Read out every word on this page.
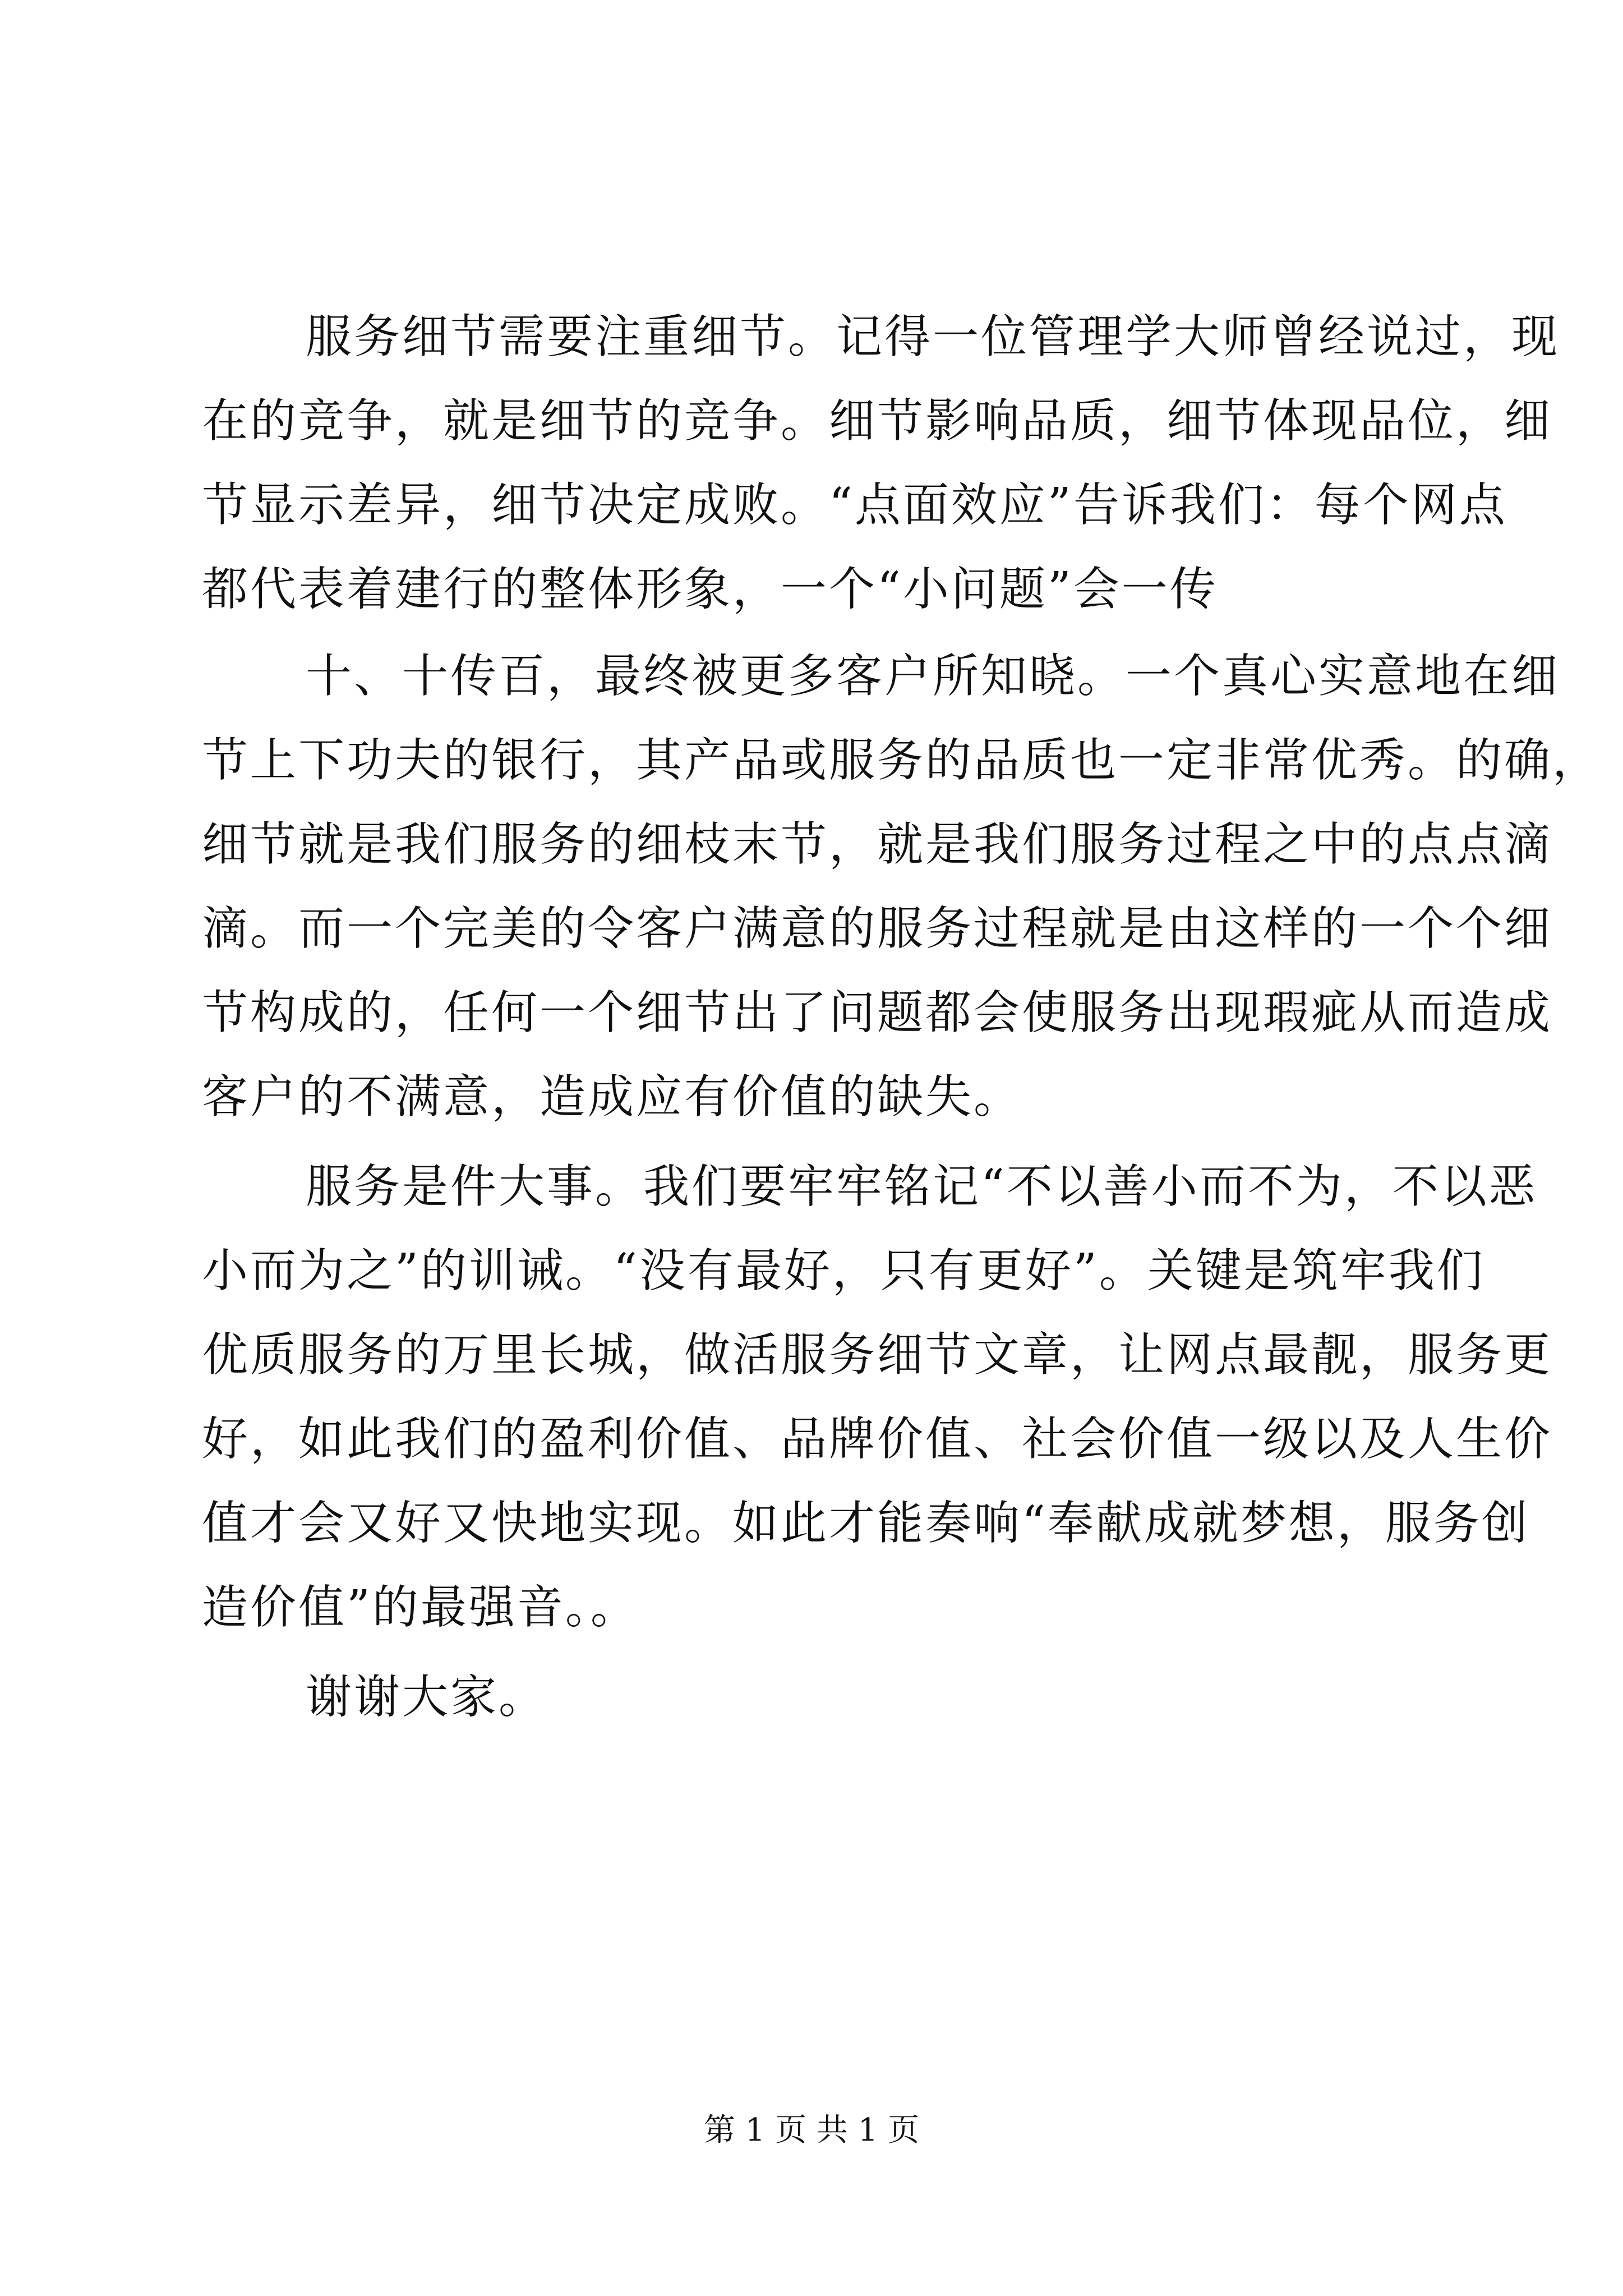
服务细节需要注重细节。记得一位管理学大师曾经说过，现
在的竞争，就是细节的竞争。细节影响品质，细节体现品位，细
节显示差异，细节决定成败。“点面效应”告诉我们：每个网点
都代表着建行的整体形象，一个“小问题”会一传
十、十传百，最终被更多客户所知晓。一个真心实意地在细
节上下功夫的银行，其产品或服务的品质也一定非常优秀。的确，
细节就是我们服务的细枝末节，就是我们服务过程之中的点点滴
滴。而一个完美的令客户满意的服务过程就是由这样的一个个细
节构成的，任何一个细节出了问题都会使服务出现瑕疵从而造成
客户的不满意，造成应有价值的缺失。
服务是件大事。我们要牢牢铭记“不以善小而不为，不以恶
小而为之”的训诫。“没有最好，只有更好”。关键是筑牢我们
优质服务的万里长城，做活服务细节文章，让网点最靓，服务更
好，如此我们的盈利价值、品牌价值、社会价值一级以及人生价
值才会又好又快地实现。如此才能奏响“奉献成就梦想，服务创
造价值”的最强音。。
谢谢大家。
第 1 页 共 1 页
